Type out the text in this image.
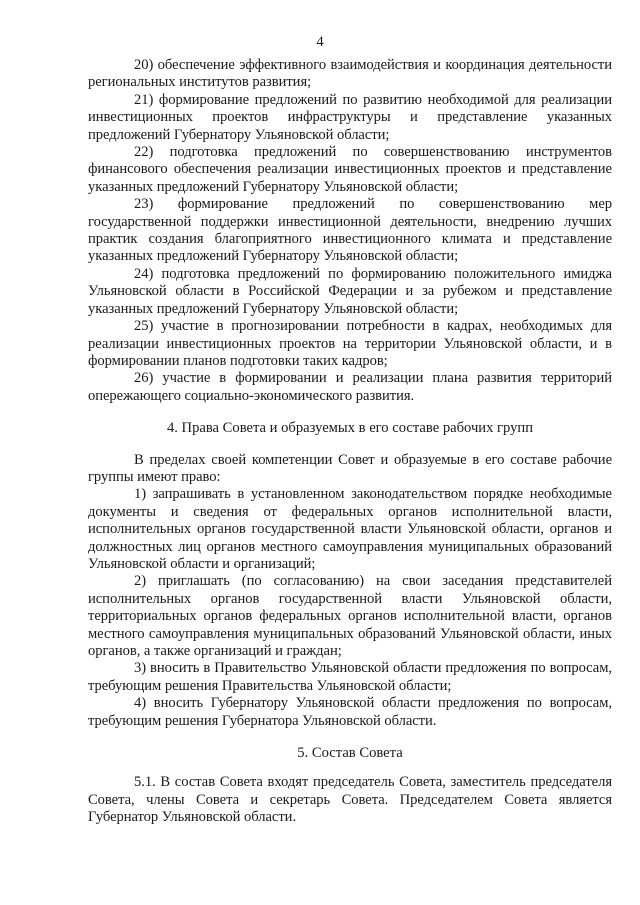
4

20) обеспечение эффективного взаимодействия и координация деятельности региональных институтов развития;

21) формирование предложений по развитию необходимой для реализации инвестиционных проектов инфраструктуры и представление указанных предложений Губернатору Ульяновской области;

22) подготовка предложений по совершенствованию инструментов финансового обеспечения реализации инвестиционных проектов и представление указанных предложений Губернатору Ульяновской области;

23) формирование предложений по совершенствованию мер государственной поддержки инвестиционной деятельности, внедрению лучших практик создания благоприятного инвестиционного климата и представление указанных предложений Губернатору Ульяновской области;

24) подготовка предложений по формированию положительного имиджа Ульяновской области в Российской Федерации и за рубежом и представление указанных предложений Губернатору Ульяновской области;

25) участие в прогнозировании потребности в кадрах, необходимых для реализации инвестиционных проектов на территории Ульяновской области, и в формировании планов подготовки таких кадров;

26) участие в формировании и реализации плана развития территорий опережающего социально-экономического развития.

4. Права Совета и образуемых в его составе рабочих групп

В пределах своей компетенции Совет и образуемые в его составе рабочие группы имеют право:

1) запрашивать в установленном законодательством порядке необходимые документы и сведения от федеральных органов исполнительной власти, исполнительных органов государственной власти Ульяновской области, органов и должностных лиц органов местного самоуправления муниципальных образований Ульяновской области и организаций;

2) приглашать (по согласованию) на свои заседания представителей исполнительных органов государственной власти Ульяновской области, территориальных органов федеральных органов исполнительной власти, органов местного самоуправления муниципальных образований Ульяновской области, иных органов, а также организаций и граждан;

3) вносить в Правительство Ульяновской области предложения по вопросам, требующим решения Правительства Ульяновской области;

4) вносить Губернатору Ульяновской области предложения по вопросам, требующим решения Губернатора Ульяновской области.

5. Состав Совета

5.1. В состав Совета входят председатель Совета, заместитель председателя Совета, члены Совета и секретарь Совета. Председателем Совета является Губернатор Ульяновской области.
